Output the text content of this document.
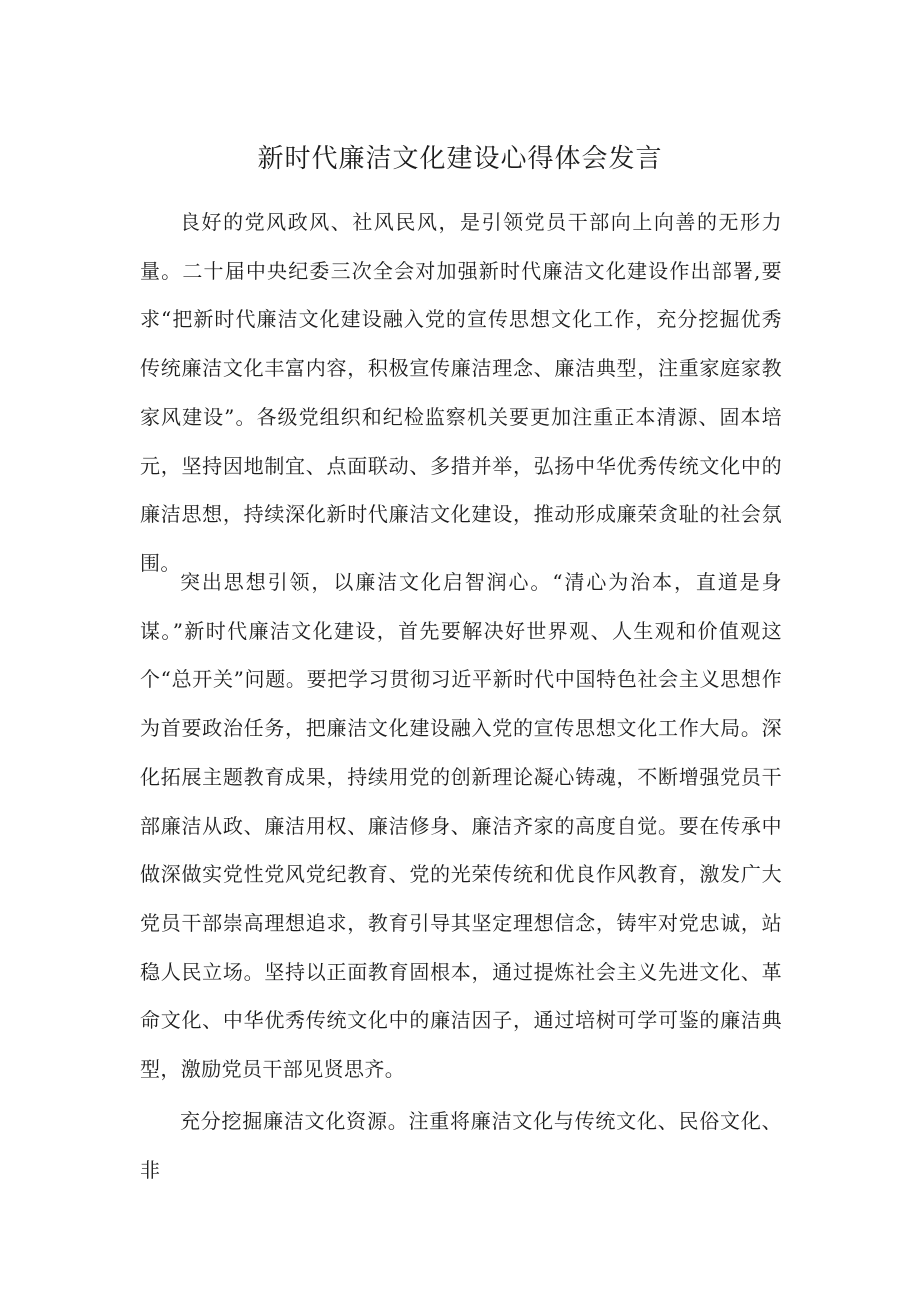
新时代廉洁文化建设心得体会发言

良好的党风政风、社风民风，是引领党员干部向上向善的无形力量。二十届中央纪委三次全会对加强新时代廉洁文化建设作出部署,要求“把新时代廉洁文化建设融入党的宣传思想文化工作，充分挖掘优秀传统廉洁文化丰富内容，积极宣传廉洁理念、廉洁典型，注重家庭家教家风建设”。各级党组织和纪检监察机关要更加注重正本清源、固本培元，坚持因地制宜、点面联动、多措并举，弘扬中华优秀传统文化中的廉洁思想，持续深化新时代廉洁文化建设，推动形成廉荣贪耻的社会氛围。

突出思想引领，以廉洁文化启智润心。“清心为治本，直道是身谋。”新时代廉洁文化建设，首先要解决好世界观、人生观和价值观这个“总开关”问题。要把学习贯彻习近平新时代中国特色社会主义思想作为首要政治任务，把廉洁文化建设融入党的宣传思想文化工作大局。深化拓展主题教育成果，持续用党的创新理论凝心铸魂，不断增强党员干部廉洁从政、廉洁用权、廉洁修身、廉洁齐家的高度自觉。要在传承中做深做实党性党风党纪教育、党的光荣传统和优良作风教育，激发广大党员干部崇高理想追求，教育引导其坚定理想信念，铸牢对党忠诚，站稳人民立场。坚持以正面教育固根本，通过提炼社会主义先进文化、革命文化、中华优秀传统文化中的廉洁因子，通过培树可学可鉴的廉洁典型，激励党员干部见贤思齐。

充分挖掘廉洁文化资源。注重将廉洁文化与传统文化、民俗文化、非
